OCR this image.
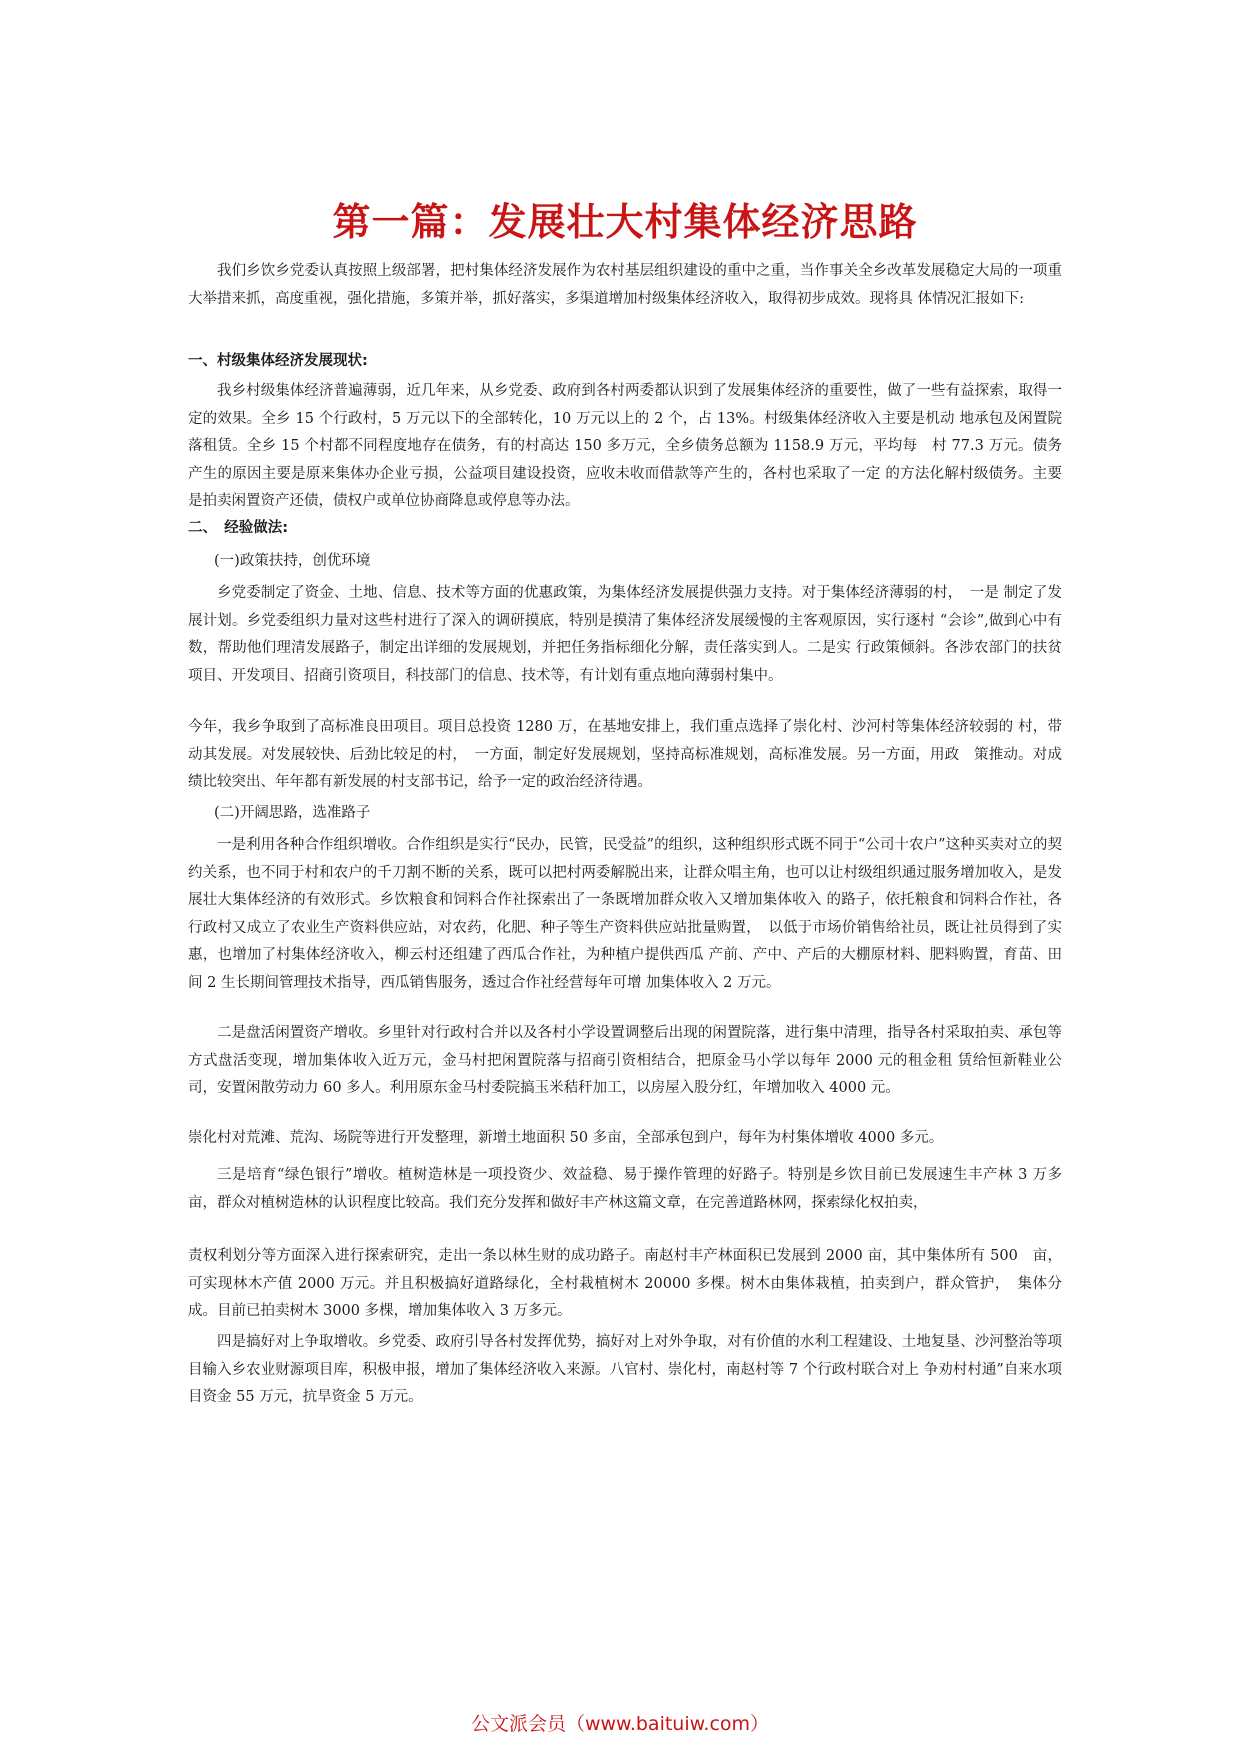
第一篇：发展壮大村集体经济思路

我们乡饮乡党委认真按照上级部署，把村集体经济发展作为农村基层组织建设的重中之重，当作事关全乡改革发展稳定大局的一项重大举措来抓，高度重视，强化措施，多策并举，抓好落实，多渠道增加村级集体经济收入，取得初步成效。现将具 体情况汇报如下:

一、村级集体经济发展现状:

我乡村级集体经济普遍薄弱，近几年来，从乡党委、政府到各村两委都认识到了发展集体经济的重要性，做了一些有益探索，取得一定的效果。全乡 15 个行政村，5 万元以下的全部转化，10 万元以上的 2 个，占 13%。村级集体经济收入主要是机动 地承包及闲置院落租赁。全乡 15 个村都不同程度地存在债务，有的村高达 150 多万元，全乡债务总额为 1158.9 万元，平均每　村 77.3 万元。债务产生的原因主要是原来集体办企业亏损，公益项目建设投资，应收未收而借款等产生的，各村也采取了一定 的方法化解村级债务。主要是拍卖闲置资产还债，债权户或单位协商降息或停息等办法。

二、　经验做法:

(一)政策扶持，创优环境

乡党委制定了资金、土地、信息、技术等方面的优惠政策，为集体经济发展提供强力支持。对于集体经济薄弱的村，　一是 制定了发展计划。乡党委组织力量对这些村进行了深入的调研摸底，特别是摸清了集体经济发展缓慢的主客观原因，实行逐村 “会诊”,做到心中有数，帮助他们理清发展路子，制定出详细的发展规划，并把任务指标细化分解，责任落实到人。二是实 行政策倾斜。各涉农部门的扶贫项目、开发项目、招商引资项目，科技部门的信息、技术等，有计划有重点地向薄弱村集中。

今年，我乡争取到了高标准良田项目。项目总投资 1280 万，在基地安排上，我们重点选择了崇化村、沙河村等集体经济较弱的 村，带动其发展。对发展较快、后劲比较足的村，　一方面，制定好发展规划，坚持高标准规划，高标准发展。另一方面，用政　策推动。对成绩比较突出、年年都有新发展的村支部书记，给予一定的政治经济待遇。

(二)开阔思路，选准路子

一是利用各种合作组织增收。合作组织是实行“民办，民管，民受益”的组织，这种组织形式既不同于“公司十农户”这种买卖对立的契约关系，也不同于村和农户的千刀割不断的关系，既可以把村两委解脱出来，让群众唱主角，也可以让村级组织通过服务增加收入，是发展壮大集体经济的有效形式。乡饮粮食和饲料合作社探索出了一条既增加群众收入又增加集体收入 的路子，依托粮食和饲料合作社，各行政村又成立了农业生产资料供应站，对农药，化肥、种子等生产资料供应站批量购置，　以低于市场价销售给社员，既让社员得到了实惠，也增加了村集体经济收入，柳云村还组建了西瓜合作社，为种植户提供西瓜 产前、产中、产后的大棚原材料、肥料购置，育苗、田间 2 生长期间管理技术指导，西瓜销售服务，透过合作社经营每年可增 加集体收入 2 万元。

二是盘活闲置资产增收。乡里针对行政村合并以及各村小学设置调整后出现的闲置院落，进行集中清理，指导各村采取拍卖、承包等方式盘活变现，增加集体收入近万元，金马村把闲置院落与招商引资相结合，把原金马小学以每年 2000 元的租金租 赁给恒新鞋业公司，安置闲散劳动力 60 多人。利用原东金马村委院搞玉米秸秆加工，以房屋入股分红，年增加收入 4000 元。

崇化村对荒滩、荒沟、场院等进行开发整理，新增土地面积 50 多亩，全部承包到户，每年为村集体增收 4000 多元。

三是培育“绿色银行”增收。植树造林是一项投资少、效益稳、易于操作管理的好路子。特别是乡饮目前已发展速生丰产林 3 万多亩，群众对植树造林的认识程度比较高。我们充分发挥和做好丰产林这篇文章，在完善道路林网，探索绿化权拍卖，

责权利划分等方面深入进行探索研究，走出一条以林生财的成功路子。南赵村丰产林面积已发展到 2000 亩，其中集体所有 500　亩，可实现林木产值 2000 万元。并且积极搞好道路绿化，全村栽植树木 20000 多棵。树木由集体栽植，拍卖到户，群众管护，　集体分成。目前已拍卖树木 3000 多棵，增加集体收入 3 万多元。

四是搞好对上争取增收。乡党委、政府引导各村发挥优势，搞好对上对外争取，对有价值的水利工程建设、土地复垦、沙河整治等项目输入乡农业财源项目库，积极申报，增加了集体经济收入来源。八官村、崇化村，南赵村等 7 个行政村联合对上 争劝村村通”自来水项目资金 55 万元，抗旱资金 5 万元。

公文派会员（www.baituiw.com）
